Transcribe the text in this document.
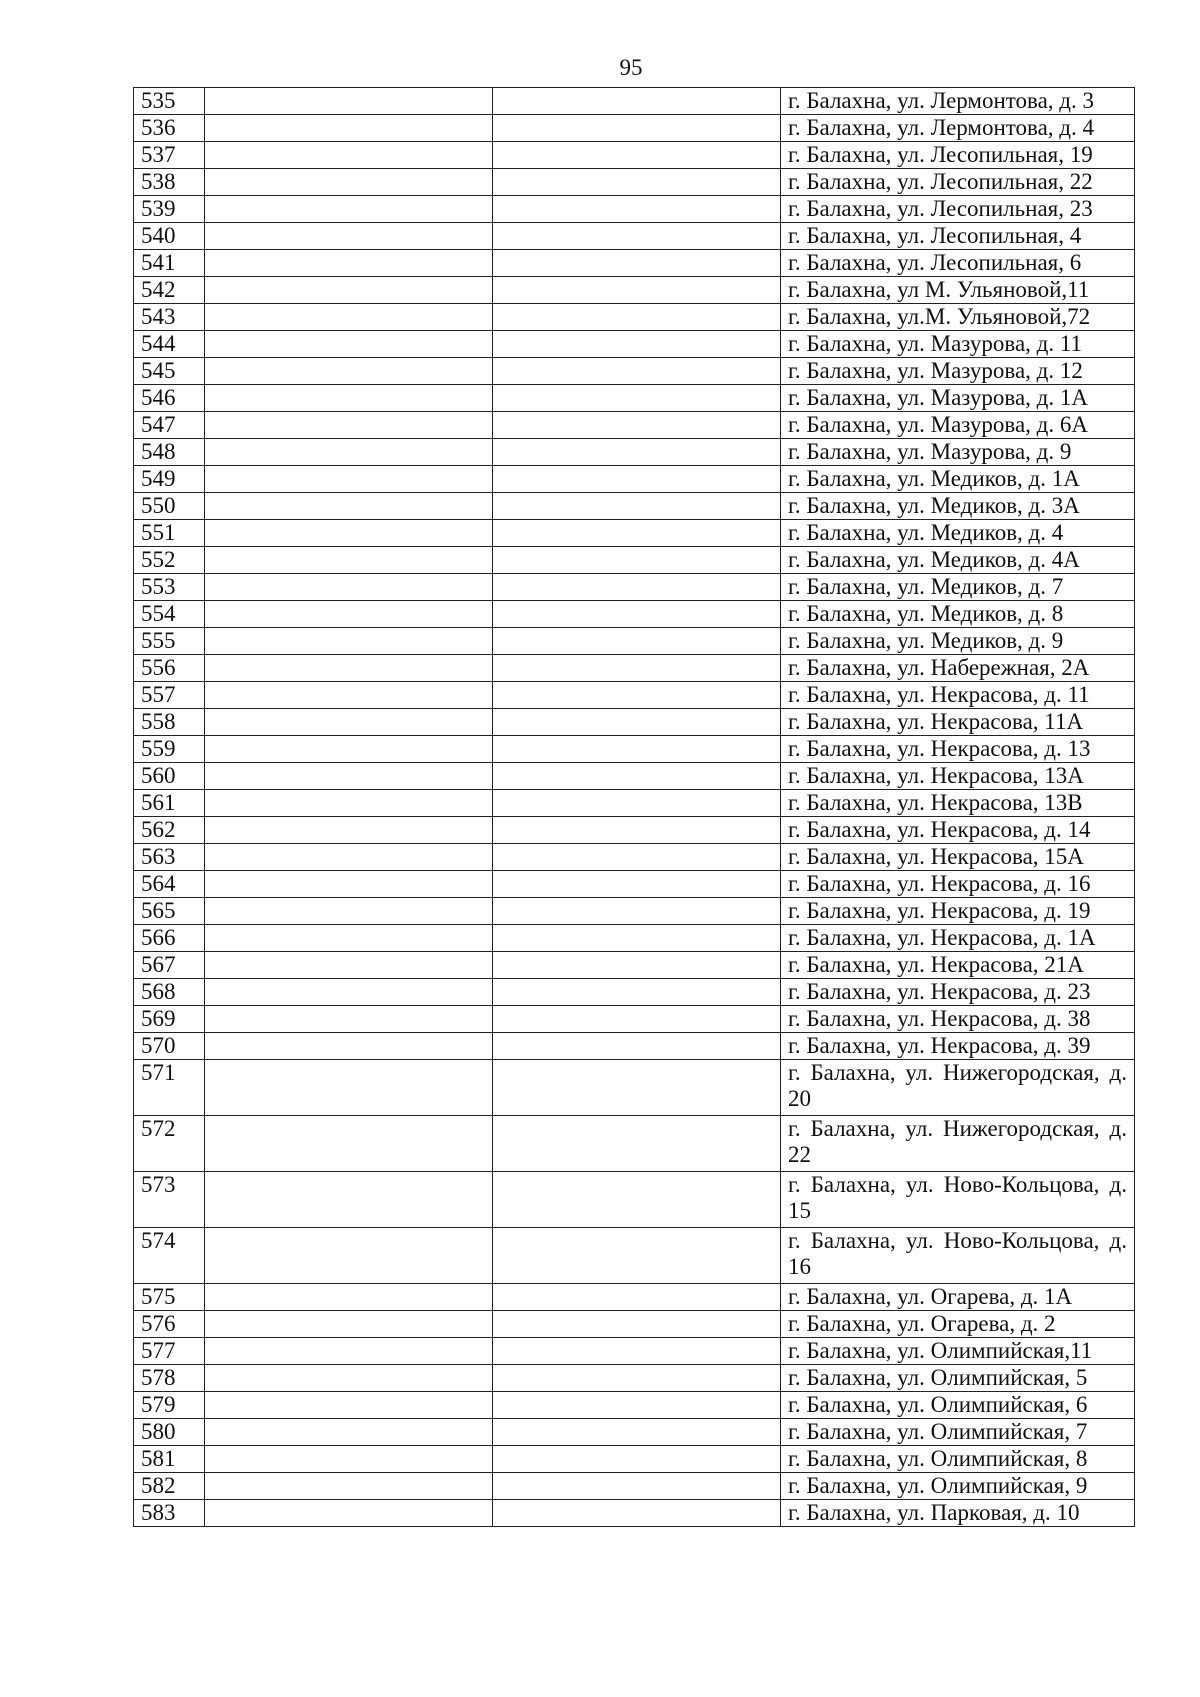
95
535			г. Балахна, ул. Лермонтова, д. 3
536			г. Балахна, ул. Лермонтова, д. 4
537			г. Балахна, ул. Лесопильная, 19
538			г. Балахна, ул. Лесопильная, 22
539			г. Балахна, ул. Лесопильная, 23
540			г. Балахна, ул. Лесопильная, 4
541			г. Балахна, ул. Лесопильная, 6
542			г. Балахна, ул М. Ульяновой,11
543			г. Балахна, ул.М. Ульяновой,72
544			г. Балахна, ул. Мазурова, д. 11
545			г. Балахна, ул. Мазурова, д. 12
546			г. Балахна, ул. Мазурова, д. 1А
547			г. Балахна, ул. Мазурова, д. 6А
548			г. Балахна, ул. Мазурова, д. 9
549			г. Балахна, ул. Медиков, д. 1А
550			г. Балахна, ул. Медиков, д. 3А
551			г. Балахна, ул. Медиков, д. 4
552			г. Балахна, ул. Медиков, д. 4А
553			г. Балахна, ул. Медиков, д. 7
554			г. Балахна, ул. Медиков, д. 8
555			г. Балахна, ул. Медиков, д. 9
556			г. Балахна, ул. Набережная, 2А
557			г. Балахна, ул. Некрасова, д. 11
558			г. Балахна, ул. Некрасова, 11А
559			г. Балахна, ул. Некрасова, д. 13
560			г. Балахна, ул. Некрасова, 13А
561			г. Балахна, ул. Некрасова, 13В
562			г. Балахна, ул. Некрасова, д. 14
563			г. Балахна, ул. Некрасова, 15А
564			г. Балахна, ул. Некрасова, д. 16
565			г. Балахна, ул. Некрасова, д. 19
566			г. Балахна, ул. Некрасова, д. 1А
567			г. Балахна, ул. Некрасова, 21А
568			г. Балахна, ул. Некрасова, д. 23
569			г. Балахна, ул. Некрасова, д. 38
570			г. Балахна, ул. Некрасова, д. 39
571			г. Балахна, ул. Нижегородская, д. 20
572			г. Балахна, ул. Нижегородская, д. 22
573			г. Балахна, ул. Ново-Кольцова, д. 15
574			г. Балахна, ул. Ново-Кольцова, д. 16
575			г. Балахна, ул. Огарева, д. 1А
576			г. Балахна, ул. Огарева, д. 2
577			г. Балахна, ул. Олимпийская,11
578			г. Балахна, ул. Олимпийская, 5
579			г. Балахна, ул. Олимпийская, 6
580			г. Балахна, ул. Олимпийская, 7
581			г. Балахна, ул. Олимпийская, 8
582			г. Балахна, ул. Олимпийская, 9
583			г. Балахна, ул. Парковая, д. 10
